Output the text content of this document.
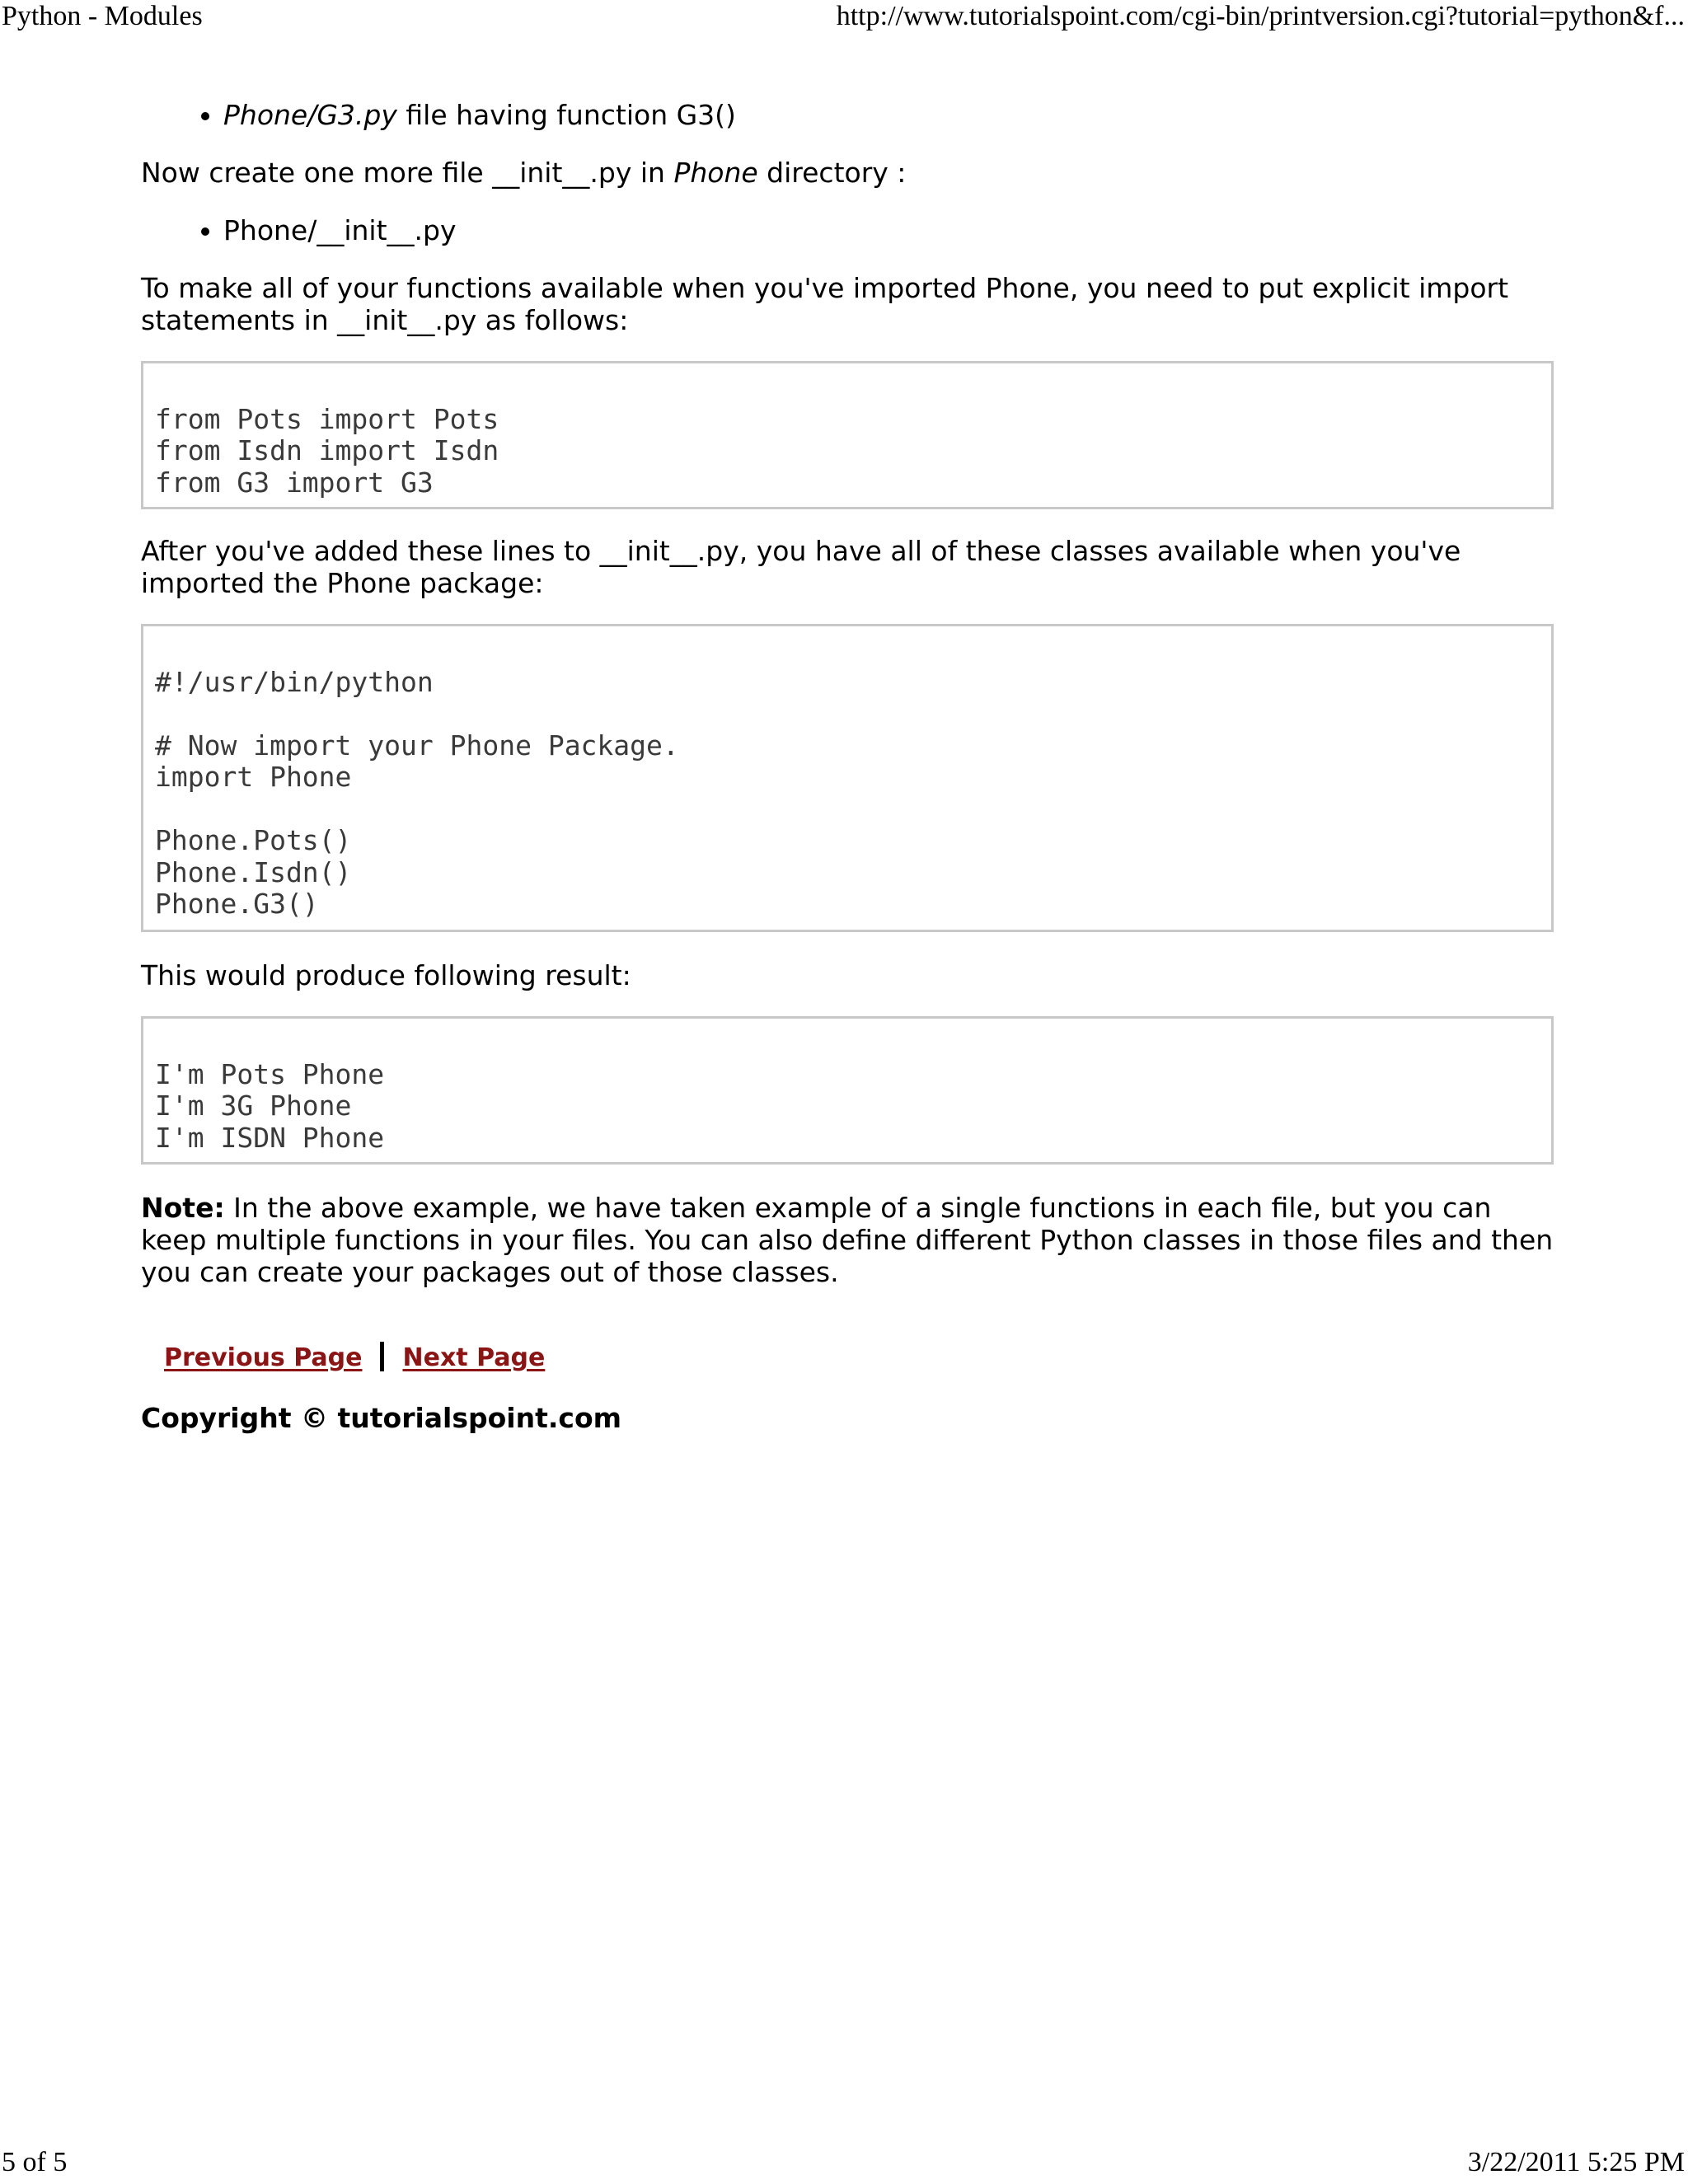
Python - Modules	http://www.tutorialspoint.com/cgi-bin/printversion.cgi?tutorial=python&f...
• Phone/G3.py file having function G3()

Now create one more file __init__.py in Phone directory :

• Phone/__init__.py

To make all of your functions available when you've imported Phone, you need to put explicit import statements in __init__.py as follows:

from Pots import Pots
from Isdn import Isdn
from G3 import G3

After you've added these lines to __init__.py, you have all of these classes available when you've imported the Phone package:

#!/usr/bin/python

# Now import your Phone Package.
import Phone

Phone.Pots()
Phone.Isdn()
Phone.G3()

This would produce following result:

I'm Pots Phone
I'm 3G Phone
I'm ISDN Phone

Note: In the above example, we have taken example of a single functions in each file, but you can keep multiple functions in your files. You can also define different Python classes in those files and then you can create your packages out of those classes.

Previous Page Next Page

Copyright © tutorialspoint.com

5 of 5	3/22/2011 5:25 PM
